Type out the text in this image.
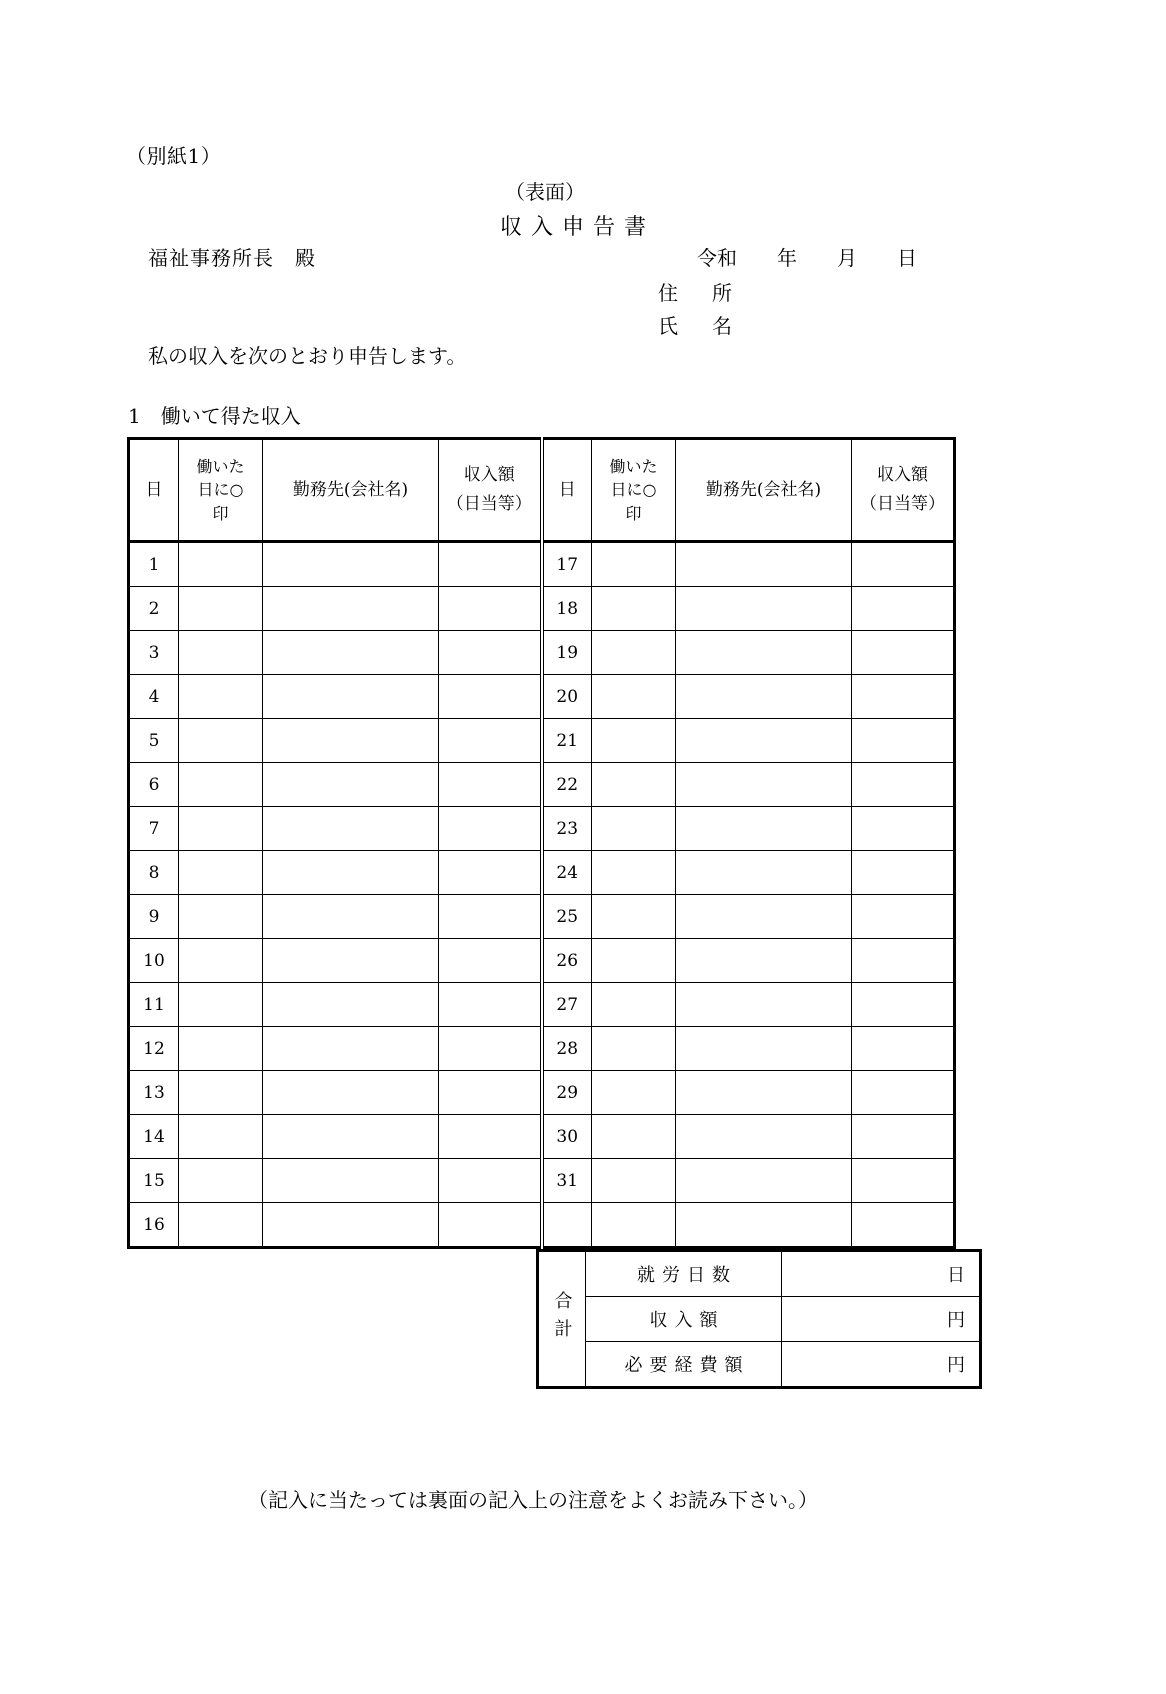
（別紙1）
（表面）
収入申告書
福祉事務所長　殿	令和　　年　　月　　日
住　所
氏　名
私の収入を次のとおり申告します。
1　働いて得た収入
日	働いた
日に○
印	勤務先(会社名)	収入額
（日当等）	日	働いた
日に○
印	勤務先(会社名)	収入額
（日当等）

1				17			
2				18			
3				19			
4				20			
5				21			
6				22			
7				23			
8				24			
9				25			
10				26			
11				27			
12				28			
13				29			
14				30			
15				31			
16							
合計	就労日数	日
	収入額	円
	必要経費額	円
（記入に当たっては裏面の記入上の注意をよくお読み下さい。）
